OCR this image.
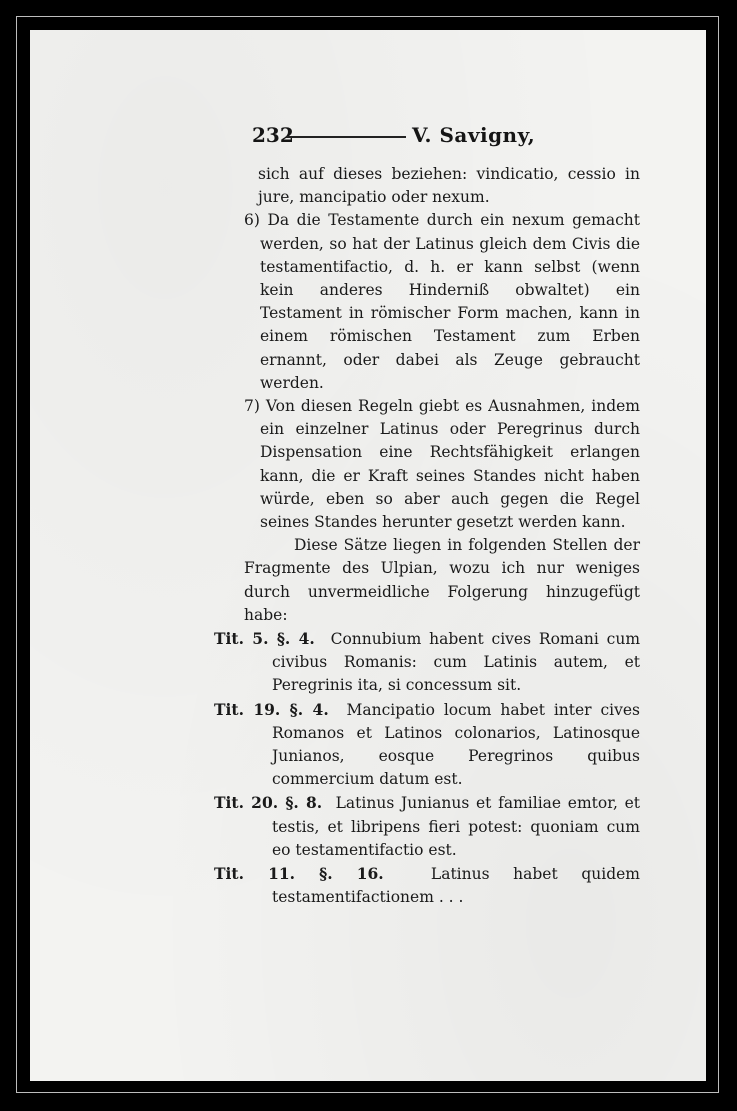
232	V. Savigny,

sich auf dieses beziehen: vindicatio, cessio in jure, mancipatio oder nexum.

6) Da die Testamente durch ein nexum gemacht werden, so hat der Latinus gleich dem Civis die testamentifactio, d. h. er kann selbst (wenn kein anderes Hinderniß obwaltet) ein Testament in römischer Form machen, kann in einem römischen Testament zum Erben ernannt, oder dabei als Zeuge gebraucht werden.

7) Von diesen Regeln giebt es Ausnahmen, indem ein einzelner Latinus oder Peregrinus durch Dispensation eine Rechtsfähigkeit erlangen kann, die er Kraft seines Standes nicht haben würde, eben so aber auch gegen die Regel seines Standes herunter gesetzt werden kann.

Diese Sätze liegen in folgenden Stellen der Fragmente des Ulpian, wozu ich nur weniges durch unvermeidliche Folgerung hinzugefügt habe:

Tit. 5. §. 4. Connubium habent cives Romani cum civibus Romanis: cum Latinis autem, et Peregrinis ita, si concessum sit.

Tit. 19. §. 4. Mancipatio locum habet inter cives Romanos et Latinos colonarios, Latinosque Junianos, eosque Peregrinos quibus commercium datum est.

Tit. 20. §. 8. Latinus Junianus et familiae emtor, et testis, et libripens fieri potest: quoniam cum eo testamentifactio est.

Tit. 11. §. 16.	Latinus habet quidem testamentifactionem . . .
